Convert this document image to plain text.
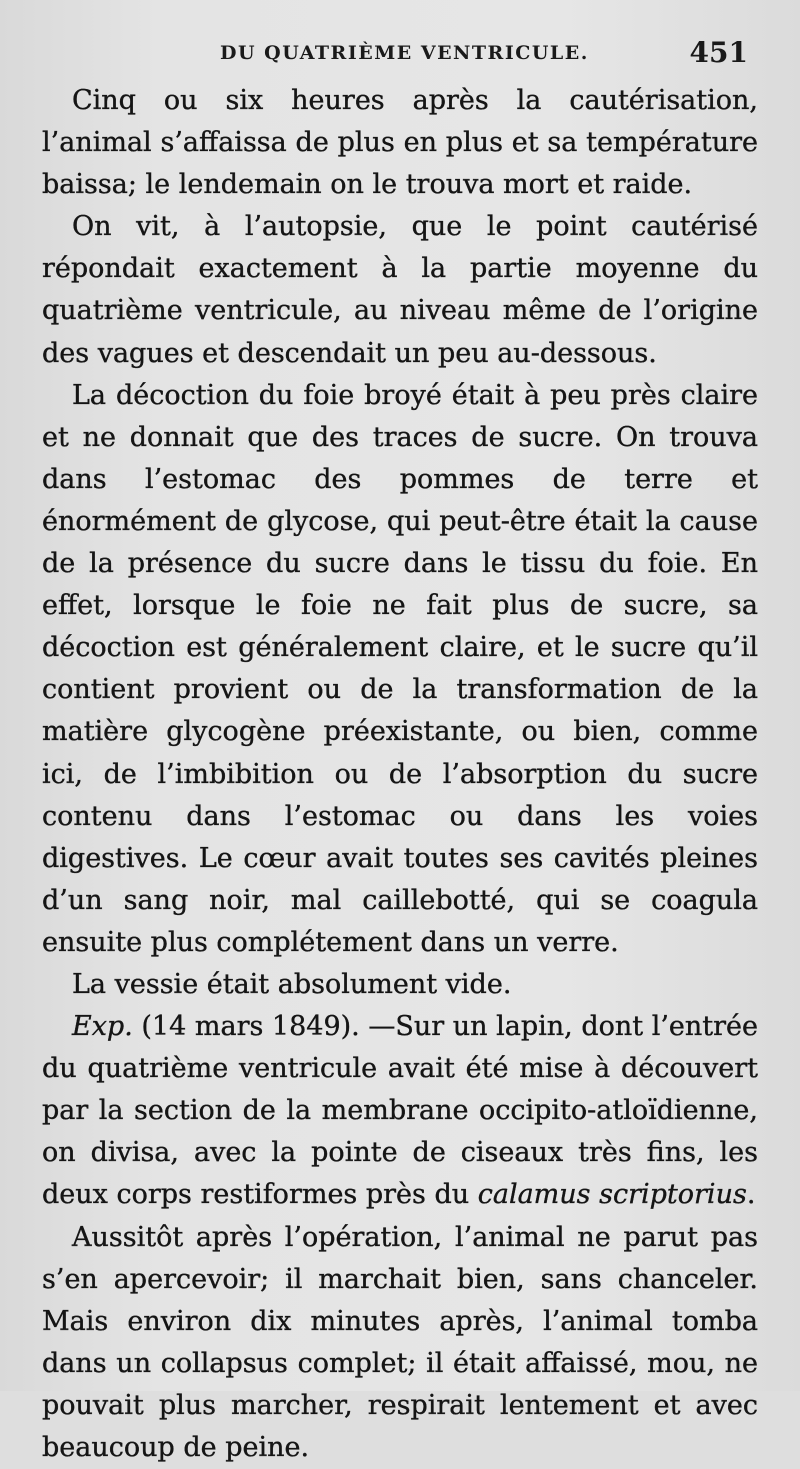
DU QUATRIÈME VENTRICULE.	451

Cinq ou six heures après la cautérisation, l’animal s’affaissa de plus en plus et sa température baissa; le lendemain on le trouva mort et raide.

On vit, à l’autopsie, que le point cautérisé répondait exactement à la partie moyenne du quatrième ventricule, au niveau même de l’origine des vagues et descendait un peu au-dessous.

La décoction du foie broyé était à peu près claire et ne donnait que des traces de sucre. On trouva dans l’estomac des pommes de terre et énormément de glycose, qui peut-être était la cause de la présence du sucre dans le tissu du foie. En effet, lorsque le foie ne fait plus de sucre, sa décoction est généralement claire, et le sucre qu’il contient provient ou de la transformation de la matière glycogène préexistante, ou bien, comme ici, de l’imbibition ou de l’absorption du sucre contenu dans l’estomac ou dans les voies digestives. Le cœur avait toutes ses cavités pleines d’un sang noir, mal caillebotté, qui se coagula ensuite plus complétement dans un verre.

La vessie était absolument vide.

Exp. (14 mars 1849). —Sur un lapin, dont l’entrée du quatrième ventricule avait été mise à découvert par la section de la membrane occipito-atloïdienne, on divisa, avec la pointe de ciseaux très fins, les deux corps restiformes près du calamus scriptorius.

Aussitôt après l’opération, l’animal ne parut pas s’en apercevoir; il marchait bien, sans chanceler. Mais environ dix minutes après, l’animal tomba dans un collapsus complet; il était affaissé, mou, ne pouvait plus marcher, respirait lentement et avec beaucoup de peine.
